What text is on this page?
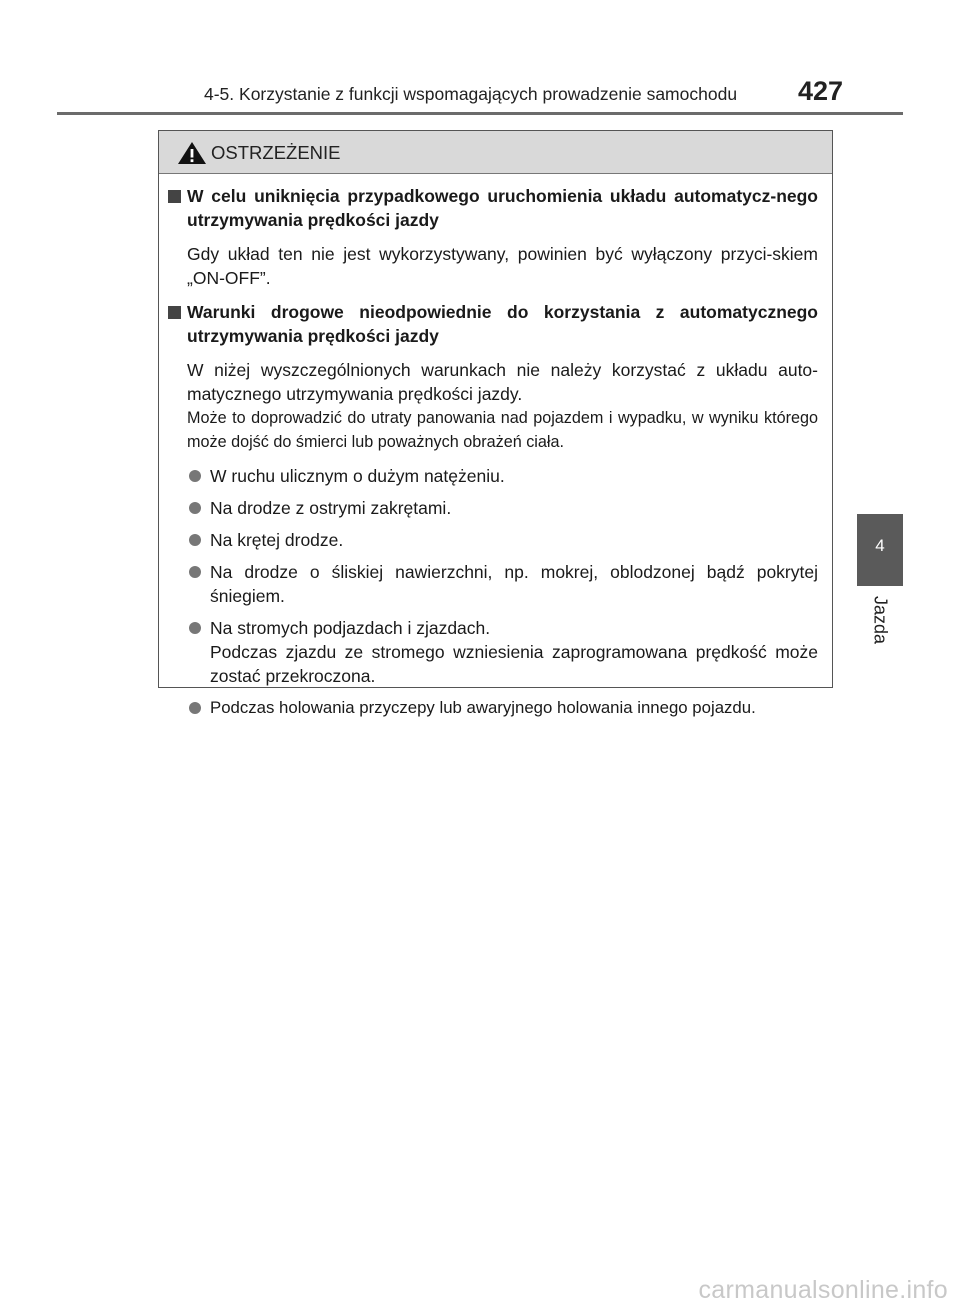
4-5. Korzystanie z funkcji wspomagających prowadzenie samochodu 427
4
Jazda
OSTRZEŻENIE
W celu uniknięcia przypadkowego uruchomienia układu automatycz-nego utrzymywania prędkości jazdy
Gdy układ ten nie jest wykorzystywany, powinien być wyłączony przyci-skiem „ON-OFF”.
Warunki drogowe nieodpowiednie do korzystania z automatycznego utrzymywania prędkości jazdy
W niżej wyszczególnionych warunkach nie należy korzystać z układu auto-matycznego utrzymywania prędkości jazdy.
Może to doprowadzić do utraty panowania nad pojazdem i wypadku, w wyniku którego może dojść do śmierci lub poważnych obrażeń ciała.
W ruchu ulicznym o dużym natężeniu.
Na drodze z ostrymi zakrętami.
Na krętej drodze.
Na drodze o śliskiej nawierzchni, np. mokrej, oblodzonej bądź pokrytej śniegiem.
Na stromych podjazdach i zjazdach.
Podczas zjazdu ze stromego wzniesienia zaprogramowana prędkość może zostać przekroczona.
Podczas holowania przyczepy lub awaryjnego holowania innego pojazdu.
carmanualsonline.info
